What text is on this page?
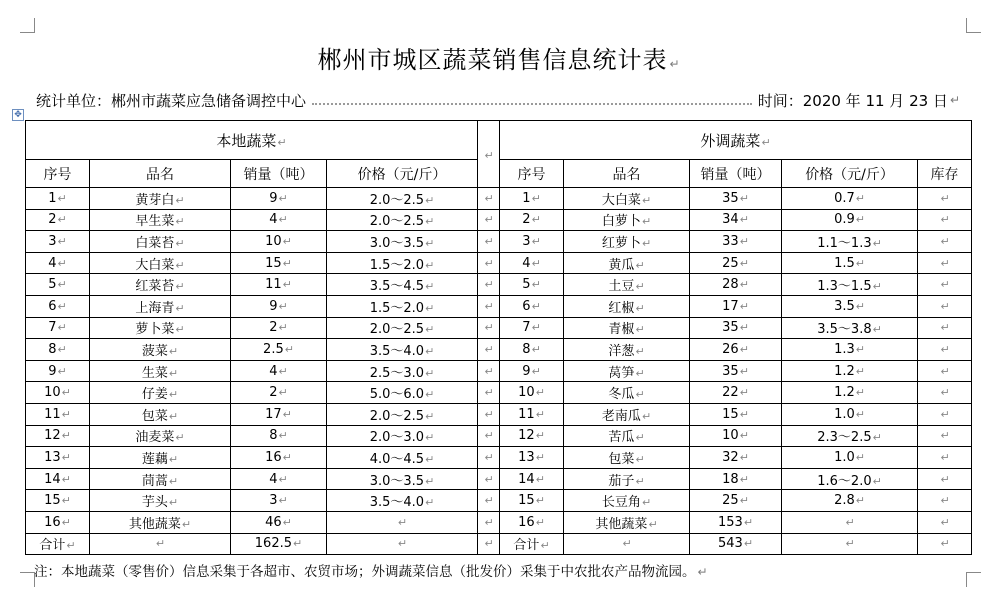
郴州市城区蔬菜销售信息统计表 ↵
统计单位：郴州市蔬菜应急储备调控中心	时间：2020 年 11 月 23 日 ↵
✥
本地蔬菜↵				↵	外调蔬菜↵				
序号	品名	销量（吨）	价格（元/斤）		序号	品名	销量（吨）	价格（元/斤）	库存
1↵	黄芽白↵	9↵	2.0～2.5↵	↵	1↵	大白菜↵	35↵	0.7↵	↵
2↵	早生菜↵	4↵	2.0～2.5↵	↵	2↵	白萝卜↵	34↵	0.9↵	↵
3↵	白菜苔↵	10↵	3.0～3.5↵	↵	3↵	红萝卜↵	33↵	1.1～1.3↵	↵
4↵	大白菜↵	15↵	1.5～2.0↵	↵	4↵	黄瓜↵	25↵	1.5↵	↵
5↵	红菜苔↵	11↵	3.5～4.5↵	↵	5↵	土豆↵	28↵	1.3～1.5↵	↵
6↵	上海青↵	9↵	1.5～2.0↵	↵	6↵	红椒↵	17↵	3.5↵	↵
7↵	萝卜菜↵	2↵	2.0～2.5↵	↵	7↵	青椒↵	35↵	3.5～3.8↵	↵
8↵	菠菜↵	2.5↵	3.5～4.0↵	↵	8↵	洋葱↵	26↵	1.3↵	↵
9↵	生菜↵	4↵	2.5～3.0↵	↵	9↵	莴笋↵	35↵	1.2↵	↵
10↵	仔姜↵	2↵	5.0～6.0↵	↵	10↵	冬瓜↵	22↵	1.2↵	↵
11↵	包菜↵	17↵	2.0～2.5↵	↵	11↵	老南瓜↵	15↵	1.0↵	↵
12↵	油麦菜↵	8↵	2.0～3.0↵	↵	12↵	苦瓜↵	10↵	2.3～2.5↵	↵
13↵	莲藕↵	16↵	4.0～4.5↵	↵	13↵	包菜↵	32↵	1.0↵	↵
14↵	茼蒿↵	4↵	3.0～3.5↵	↵	14↵	茄子↵	18↵	1.6～2.0↵	↵
15↵	芋头↵	3↵	3.5～4.0↵	↵	15↵	长豆角↵	25↵	2.8↵	↵
16↵	其他蔬菜↵	46↵	↵	↵	16↵	其他蔬菜↵	153↵	↵	↵
合计↵	↵	162.5↵	↵	↵	合计↵	↵	543↵	↵	↵
注：本地蔬菜（零售价）信息采集于各超市、农贸市场；外调蔬菜信息（批发价）采集于中农批农产品物流园。 ↵
